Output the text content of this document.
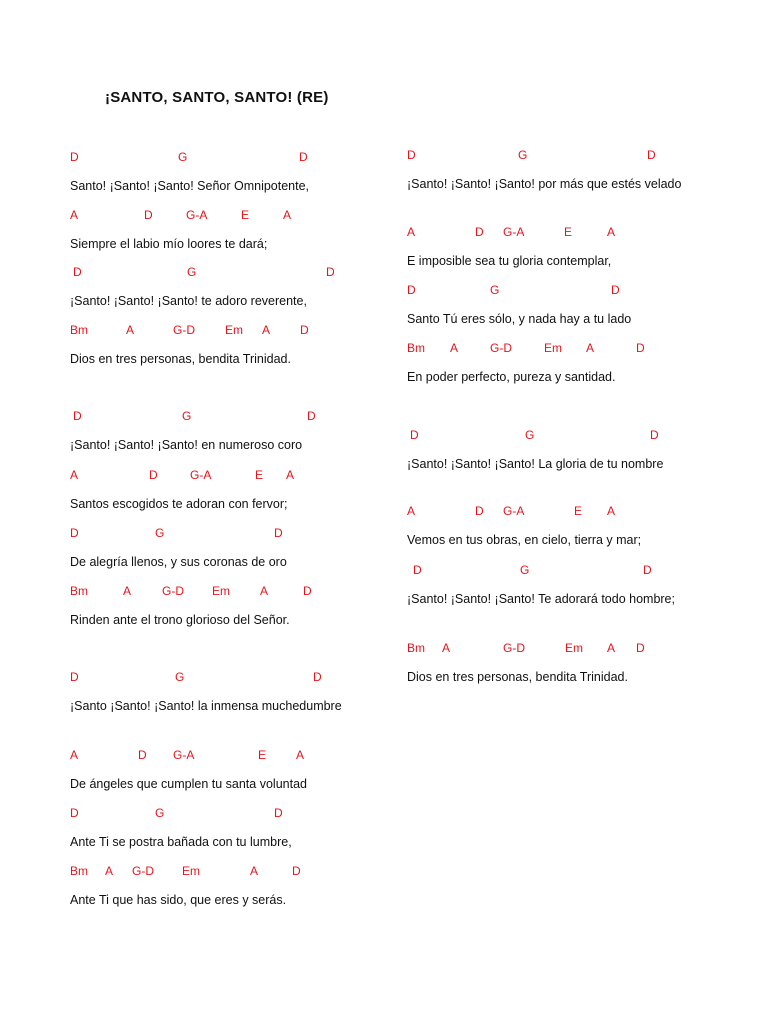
¡SANTO, SANTO, SANTO! (RE)
D	G	D
Santo! ¡Santo! ¡Santo! Señor Omnipotente,
A	D	G-A	E	A
Siempre el labio mío loores te dará;
D	G	D
¡Santo! ¡Santo! ¡Santo! te adoro reverente,
Bm	A	G-D	Em A D
Dios en tres personas, bendita Trinidad.
D	G	D
¡Santo! ¡Santo! ¡Santo! en numeroso coro
A	D	G-A	E A
Santos escogidos te adoran con fervor;
D	G	D
De alegría llenos, y sus coronas de oro
Bm	A	G-D Em	A	D
Rinden ante el trono glorioso del Señor.
D	G	D
¡Santo ¡Santo! ¡Santo! la inmensa muchedumbre
A	D G-A	E A
De ángeles que cumplen tu santa voluntad
D	G	D
Ante Ti se postra bañada con tu lumbre,
Bm A G-D Em	A	D
Ante Ti que has sido, que eres y serás.
D	G	D
¡Santo! ¡Santo! ¡Santo! por más que estés velado
A	D G-A	E	A
E imposible sea tu gloria contemplar,
D	G	D
Santo Tú eres sólo, y nada hay a tu lado
Bm A	G-D	Em A	D
En poder perfecto, pureza y santidad.
D	G	D
¡Santo! ¡Santo! ¡Santo! La gloria de tu nombre
A	D G-A	E A
Vemos en tus obras, en cielo, tierra y mar;
D	G	D
¡Santo! ¡Santo! ¡Santo! Te adorará todo hombre;
Bm A	G-D	Em A D
Dios en tres personas, bendita Trinidad.
